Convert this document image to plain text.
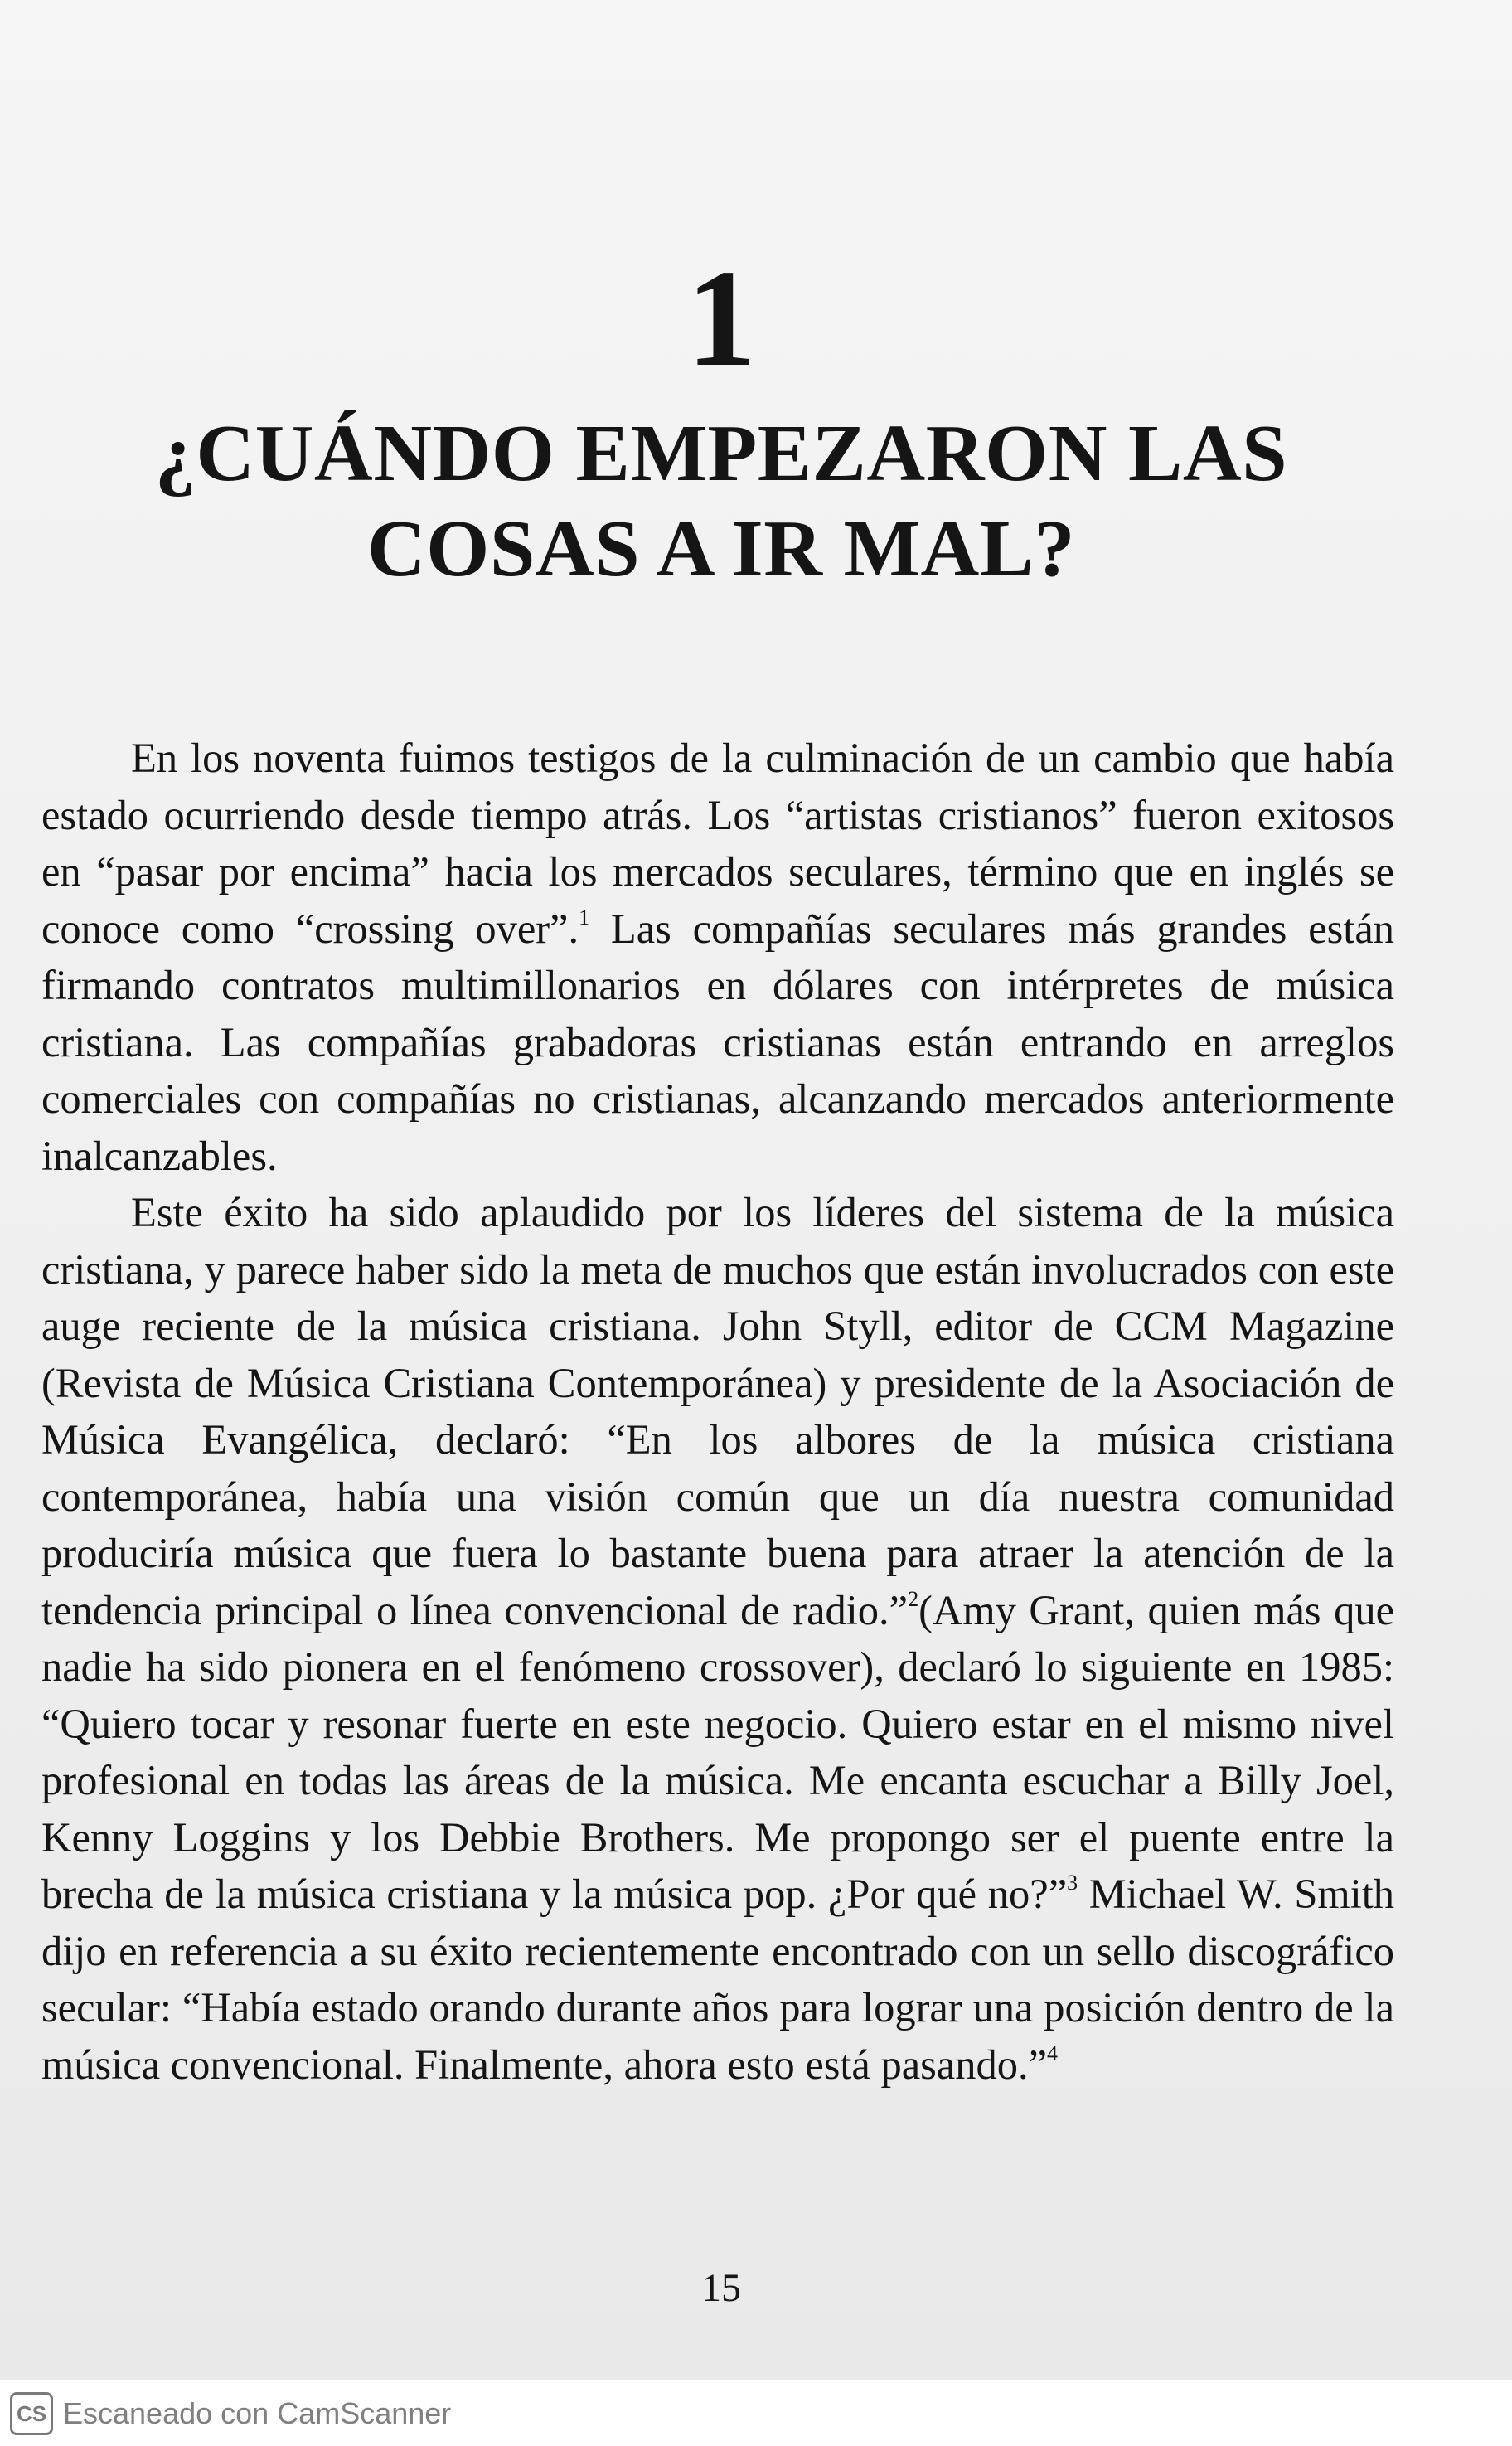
1
¿CUÁNDO EMPEZARON LAS
COSAS A IR MAL?

En los noventa fuimos testigos de la culminación de un cambio que había estado ocurriendo desde tiempo atrás. Los “artistas cristianos” fueron exitosos en “pasar por encima” hacia los mercados seculares, término que en inglés se conoce como “crossing over”.$^1$ Las compañías seculares más grandes están firmando contratos multimillonarios en dólares con intérpretes de música cristiana. Las compañías grabadoras cristianas están entrando en arreglos comerciales con compañías no cristianas, alcanzando mercados anteriormente inalcanzables.

Este éxito ha sido aplaudido por los líderes del sistema de la música cristiana, y parece haber sido la meta de muchos que están involucrados con este auge reciente de la música cristiana. John Styll, editor de CCM Magazine (Revista de Música Cristiana Contemporánea) y presidente de la Asociación de Música Evangélica, declaró: “En los albores de la música cristiana contemporánea, había una visión común que un día nuestra comunidad produciría música que fuera lo bastante buena para atraer la atención de la tendencia principal o línea convencional de radio.”$^2$(Amy Grant, quien más que nadie ha sido pionera en el fenómeno crossover), declaró lo siguiente en 1985: “Quiero tocar y resonar fuerte en este negocio. Quiero estar en el mismo nivel profesional en todas las áreas de la música. Me encanta escuchar a Billy Joel, Kenny Loggins y los Debbie Brothers. Me propongo ser el puente entre la brecha de la música cristiana y la música pop. ¿Por qué no?”$^3$ Michael W. Smith dijo en referencia a su éxito recientemente encontrado con un sello discográfico secular: “Había estado orando durante años para lograr una posición dentro de la música convencional. Finalmente, ahora esto está pasando.”$^4$

15
CS Escaneado con CamScanner
